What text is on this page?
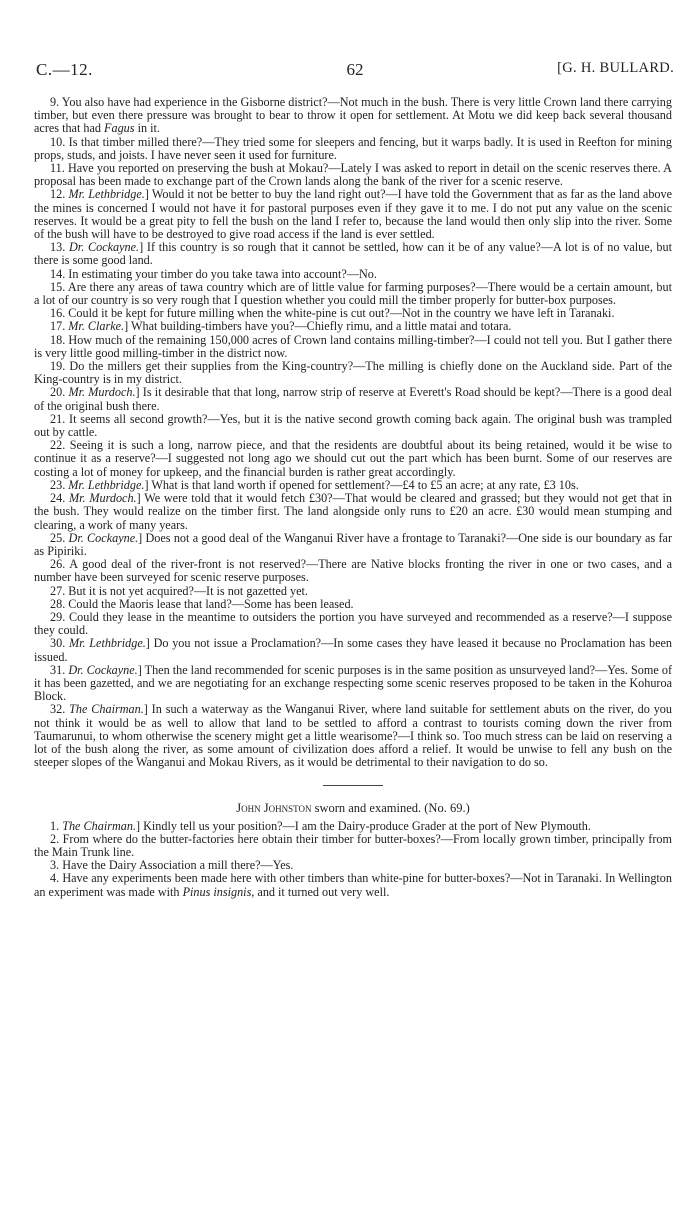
C.—12.	62	[G. H. BULLARD.

9. You also have had experience in the Gisborne district?—Not much in the bush. There is very little Crown land there carrying timber, but even there pressure was brought to bear to throw it open for settlement. At Motu we did keep back several thousand acres that had Fagus in it.

10. Is that timber milled there?—They tried some for sleepers and fencing, but it warps badly. It is used in Reefton for mining props, studs, and joists. I have never seen it used for furniture.

11. Have you reported on preserving the bush at Mokau?—Lately I was asked to report in detail on the scenic reserves there. A proposal has been made to exchange part of the Crown lands along the bank of the river for a scenic reserve.

12. Mr. Lethbridge.] Would it not be better to buy the land right out?—I have told the Government that as far as the land above the mines is concerned I would not have it for pastoral purposes even if they gave it to me. I do not put any value on the scenic reserves. It would be a great pity to fell the bush on the land I refer to, because the land would then only slip into the river. Some of the bush will have to be destroyed to give road access if the land is ever settled.

13. Dr. Cockayne.] If this country is so rough that it cannot be settled, how can it be of any value?—A lot is of no value, but there is some good land.

14. In estimating your timber do you take tawa into account?—No.

15. Are there any areas of tawa country which are of little value for farming purposes?—There would be a certain amount, but a lot of our country is so very rough that I question whether you could mill the timber properly for butter-box purposes.

16. Could it be kept for future milling when the white-pine is cut out?—Not in the country we have left in Taranaki.

17. Mr. Clarke.] What building-timbers have you?—Chiefly rimu, and a little matai and totara.

18. How much of the remaining 150,000 acres of Crown land contains milling-timber?—I could not tell you. But I gather there is very little good milling-timber in the district now.

19. Do the millers get their supplies from the King-country?—The milling is chiefly done on the Auckland side. Part of the King-country is in my district.

20. Mr. Murdoch.] Is it desirable that that long, narrow strip of reserve at Everett's Road should be kept?—There is a good deal of the original bush there.

21. It seems all second growth?—Yes, but it is the native second growth coming back again. The original bush was trampled out by cattle.

22. Seeing it is such a long, narrow piece, and that the residents are doubtful about its being retained, would it be wise to continue it as a reserve?—I suggested not long ago we should cut out the part which has been burnt. Some of our reserves are costing a lot of money for upkeep, and the financial burden is rather great accordingly.

23. Mr. Lethbridge.] What is that land worth if opened for settlement?—£4 to £5 an acre; at any rate, £3 10s.

24. Mr. Murdoch.] We were told that it would fetch £30?—That would be cleared and grassed; but they would not get that in the bush. They would realize on the timber first. The land alongside only runs to £20 an acre. £30 would mean stumping and clearing, a work of many years.

25. Dr. Cockayne.] Does not a good deal of the Wanganui River have a frontage to Taranaki?—One side is our boundary as far as Pipiriki.

26. A good deal of the river-front is not reserved?—There are Native blocks fronting the river in one or two cases, and a number have been surveyed for scenic reserve purposes.

27. But it is not yet acquired?—It is not gazetted yet.

28. Could the Maoris lease that land?—Some has been leased.

29. Could they lease in the meantime to outsiders the portion you have surveyed and recommended as a reserve?—I suppose they could.

30. Mr. Lethbridge.] Do you not issue a Proclamation?—In some cases they have leased it because no Proclamation has been issued.

31. Dr. Cockayne.] Then the land recommended for scenic purposes is in the same position as unsurveyed land?—Yes. Some of it has been gazetted, and we are negotiating for an exchange respecting some scenic reserves proposed to be taken in the Kohuroa Block.

32. The Chairman.] In such a waterway as the Wanganui River, where land suitable for settlement abuts on the river, do you not think it would be as well to allow that land to be settled to afford a contrast to tourists coming down the river from Taumarunui, to whom otherwise the scenery might get a little wearisome?—I think so. Too much stress can be laid on reserving a lot of the bush along the river, as some amount of civilization does afford a relief. It would be unwise to fell any bush on the steeper slopes of the Wanganui and Mokau Rivers, as it would be detrimental to their navigation to do so.

John Johnston sworn and examined. (No. 69.)

1. The Chairman.] Kindly tell us your position?—I am the Dairy-produce Grader at the port of New Plymouth.

2. From where do the butter-factories here obtain their timber for butter-boxes?—From locally grown timber, principally from the Main Trunk line.

3. Have the Dairy Association a mill there?—Yes.

4. Have any experiments been made here with other timbers than white-pine for butter-boxes?—Not in Taranaki. In Wellington an experiment was made with Pinus insignis, and it turned out very well.
